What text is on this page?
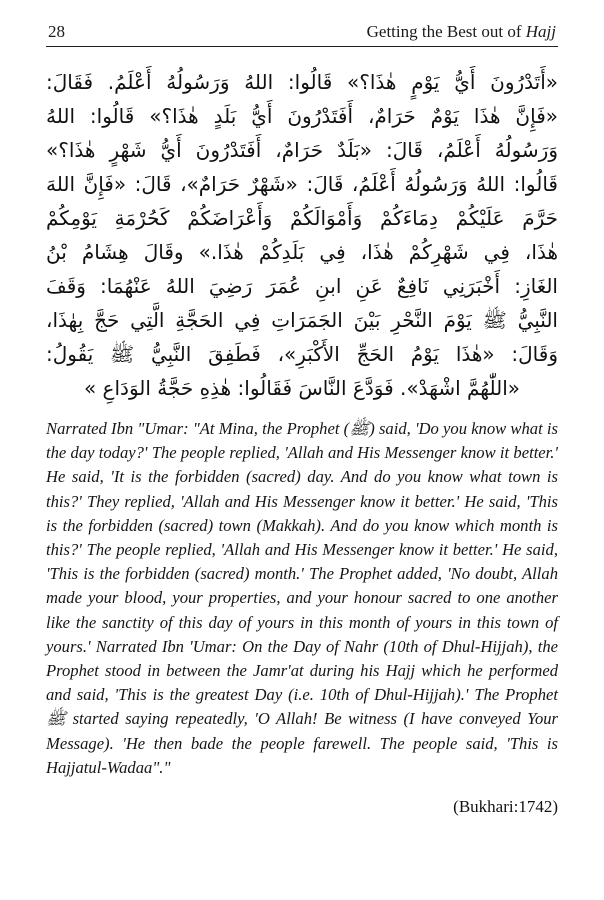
28	Getting the Best out of Hajj
«أَتَدْرُونَ أَيُّ يَوْمٍ هٰذَا؟» قَالُوا: اللهُ وَرَسُولُهُ أَعْلَمُ. فَقَالَ:
«فَإِنَّ هٰذَا يَوْمٌ حَرَامٌ، أَفَتَدْرُونَ أَيُّ بَلَدٍ هٰذَا؟» قَالُوا: اللهُ
وَرَسُولُهُ أَعْلَمُ، قَالَ: «بَلَدٌ حَرَامٌ، أَفَتَدْرُونَ أَيُّ شَهْرٍ هٰذَا؟»
قَالُوا: اللهُ وَرَسُولُهُ أَعْلَمُ، قَالَ: «شَهْرٌ حَرَامٌ»، قَالَ: «فَإِنَّ اللهَ
حَرَّمَ عَلَيْكُمْ دِمَاءَكُمْ وَأَمْوَالَكُمْ وَأَعْرَاضَكُمْ كَحُرْمَةِ يَوْمِكُمْ
هٰذَا، فِي شَهْرِكُمْ هٰذَا، فِي بَلَدِكُمْ هٰذَا.» وقَالَ هِشَامُ بْنُ
الغَازِ: أَخْبَرَنِي نَافِعٌ عَنِ ابنِ عُمَرَ رَضِيَ اللهُ عَنْهُمَا: وَقَفَ
النَّبِيُّ ﷺ يَوْمَ النَّحْرِ بَيْنَ الجَمَرَاتِ فِي الحَجَّةِ الَّتِي حَجَّ بِهٰذَا،
وَقَالَ: «هٰذَا يَوْمُ الحَجِّ الأَكْبَرِ»، فَطَفِقَ النَّبِيُّ ﷺ يَقُولُ:
«اللّٰهُمَّ اشْهَدْ». فَوَدَّعَ النَّاسَ فَقَالُوا: هٰذِهِ حَجَّةُ الوَدَاعِ »

Narrated Ibn "Umar: "At Mina, the Prophet (ﷺ) said, 'Do you know what is the day today?' The people replied, 'Allah and His Messenger know it better.' He said, 'It is the forbidden (sacred) day. And do you know what town is this?' They replied, 'Allah and His Messenger know it better.' He said, 'This is the forbidden (sacred) town (Makkah). And do you know which month is this?' The people replied, 'Allah and His Messenger know it better.' He said, 'This is the forbidden (sacred) month.' The Prophet added, 'No doubt, Allah made your blood, your properties, and your honour sacred to one another like the sanctity of this day of yours in this month of yours in this town of yours.' Narrated Ibn 'Umar: On the Day of Nahr (10th of Dhul-Hijjah), the Prophet stood in between the Jamr'at during his Hajj which he performed and said, 'This is the greatest Day (i.e. 10th of Dhul-Hijjah).' The Prophet ﷺ started saying repeatedly, 'O Allah! Be witness (I have conveyed Your Message). 'He then bade the people farewell. The people said, 'This is Hajjatul-Wadaa"."

(Bukhari:1742)
